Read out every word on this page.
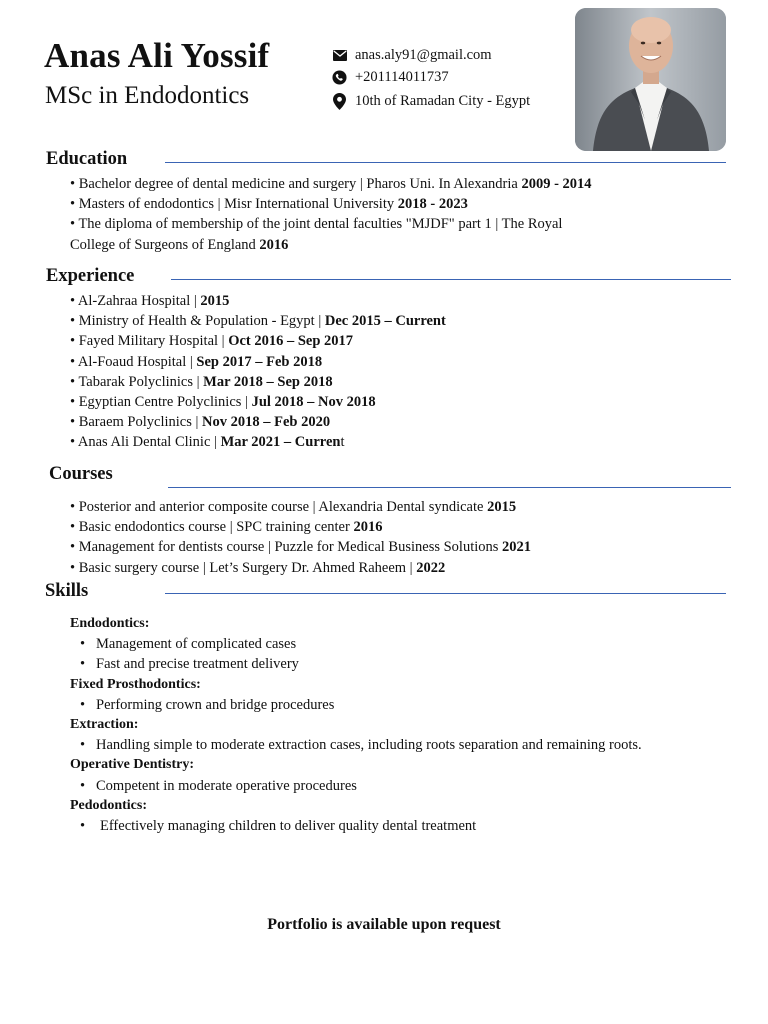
Anas Ali Yossif
MSc in Endodontics
anas.aly91@gmail.com
+201114011737
10th of Ramadan City - Egypt
Education
• Bachelor degree of dental medicine and surgery | Pharos Uni. In Alexandria 2009 - 2014
• Masters of endodontics | Misr International University 2018 - 2023
• The diploma of membership of the joint dental faculties "MJDF" part 1 | The Royal
College of Surgeons of England 2016
Experience
• Al-Zahraa Hospital | 2015
• Ministry of Health & Population - Egypt | Dec 2015 – Current
• Fayed Military Hospital | Oct 2016 – Sep 2017
• Al-Foaud Hospital | Sep 2017 – Feb 2018
• Tabarak Polyclinics | Mar 2018 – Sep 2018
• Egyptian Centre Polyclinics | Jul 2018 – Nov 2018
• Baraem Polyclinics | Nov 2018 – Feb 2020
• Anas Ali Dental Clinic | Mar 2021 – Current
Courses
• Posterior and anterior composite course | Alexandria Dental syndicate 2015
• Basic endodontics course | SPC training center 2016
• Management for dentists course | Puzzle for Medical Business Solutions 2021
• Basic surgery course | Let’s Surgery Dr. Ahmed Raheem | 2022
Skills
Endodontics:
• Management of complicated cases
• Fast and precise treatment delivery
Fixed Prosthodontics:
• Performing crown and bridge procedures
Extraction:
• Handling simple to moderate extraction cases, including roots separation and remaining roots.
Operative Dentistry:
• Competent in moderate operative procedures
Pedodontics:
• Effectively managing children to deliver quality dental treatment
Portfolio is available upon request
